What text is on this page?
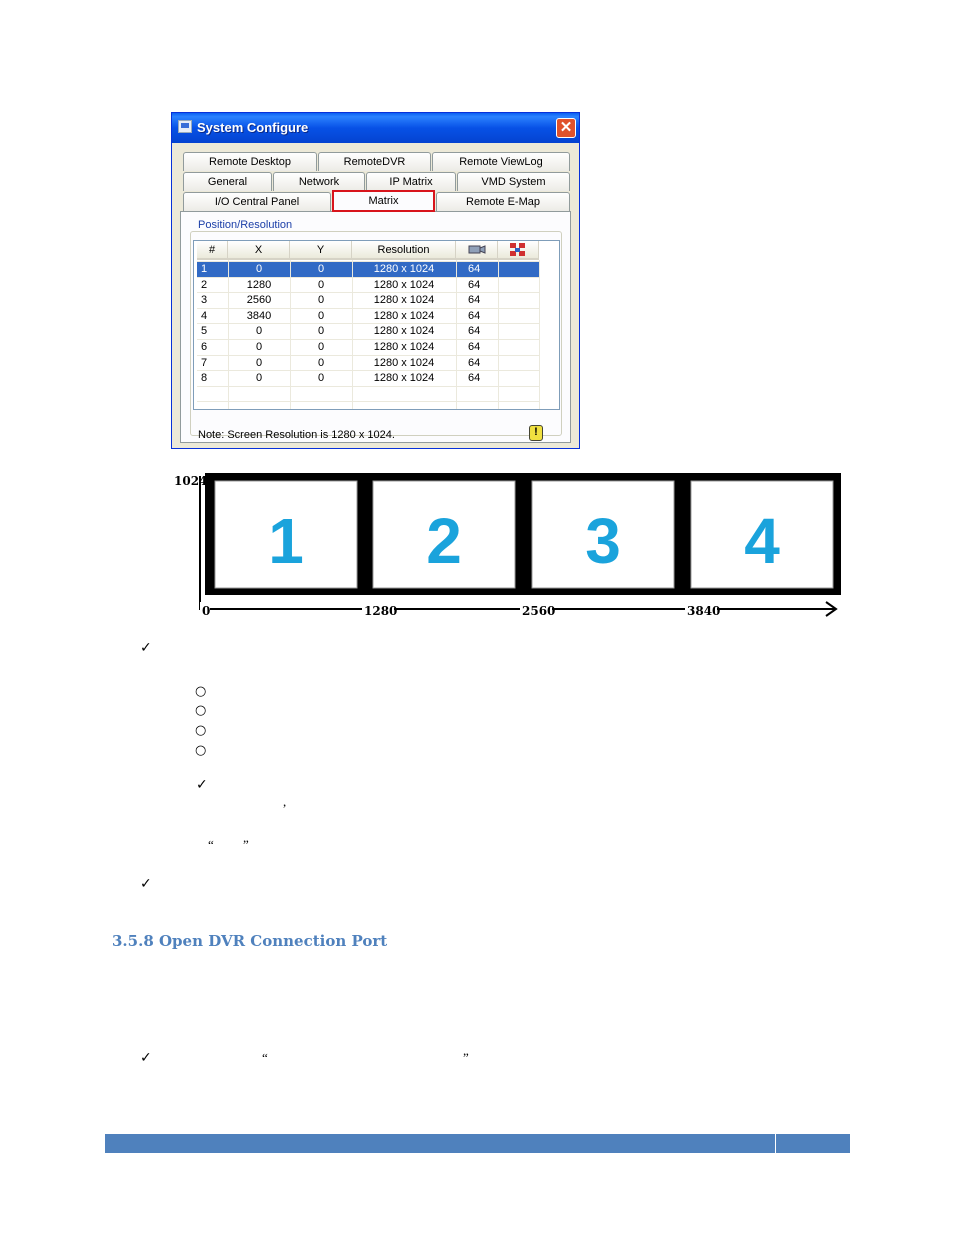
System Configure	✕
Remote Desktop	RemoteDVR	Remote ViewLog
General	Network	IP Matrix	VMD System
I/O Central Panel	Matrix	Remote E-Map
Position/Resolution
#	X	Y	Resolution
1	0	0	1280 x 1024	64
2	1280	0	1280 x 1024	64
3	2560	0	1280 x 1024	64
4	3840	0	1280 x 1024	64
5	0	0	1280 x 1024	64
6	0	0	1280 x 1024	64
7	0	0	1280 x 1024	64
8	0	0	1280 x 1024	64
Note: Screen Resolution is 1280 x 1024.	!
1 2 3 4
1024
0	1280	2560	3840
✓
○
○
○
○
✓
,
“ ”
✓
3.5.8 Open DVR Connection Port
✓	“	”
